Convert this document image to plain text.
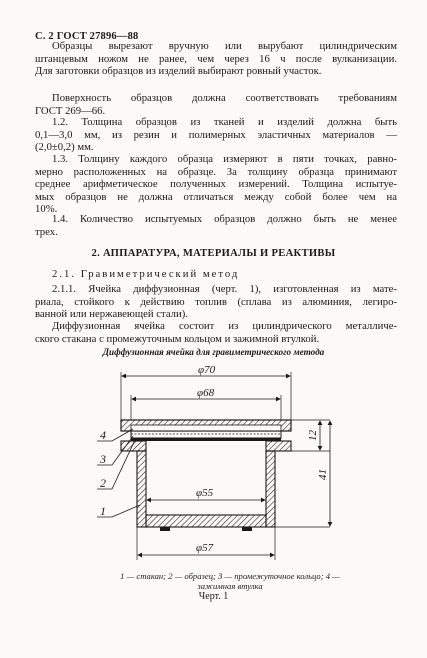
С. 2 ГОСТ 27896—88
Образцы вырезают вручную или вырубают цилиндрическим
штанцевым ножом не ранее, чем через 16 ч после вулканизации.
Для заготовки образцов из изделий выбирают ровный участок.
Поверхность образцов должна соответствовать требованиям
ГОСТ 269—66.
1.2. Толщина образцов из тканей и изделий должна быть
0,1—3,0 мм, из резин и полимерных эластичных материалов —
(2,0±0,2) мм.
1.3. Толщину каждого образца измеряют в пяти точках, равно-
мерно расположенных на образце. За толщину образца принимают
среднее арифметическое полученных измерений. Толщина испытуе-
мых образцов не должна отличаться между собой более чем на
10%.
1.4. Количество испытуемых образцов должно быть не менее
трех.
2. АППАРАТУРА, МАТЕРИАЛЫ И РЕАКТИВЫ
2.1. Гравиметрический метод
2.1.1. Ячейка диффузионная (черт. 1), изготовленная из мате-
риала, стойкого к действию топлив (сплава из алюминия, легиро-
ванной или нержавеющей стали).
Диффузионная ячейка состоит из цилиндрического металличе-
ского стакана с промежуточным кольцом и зажимной втулкой.
Диффузионная ячейка для гравиметрического метода
φ70
φ68
φ55
φ57
12
41
4
3
2
1
1 — стакан; 2 — образец; 3 — промежуточное кольцо; 4 —
зажимная втулка
Черт. 1
